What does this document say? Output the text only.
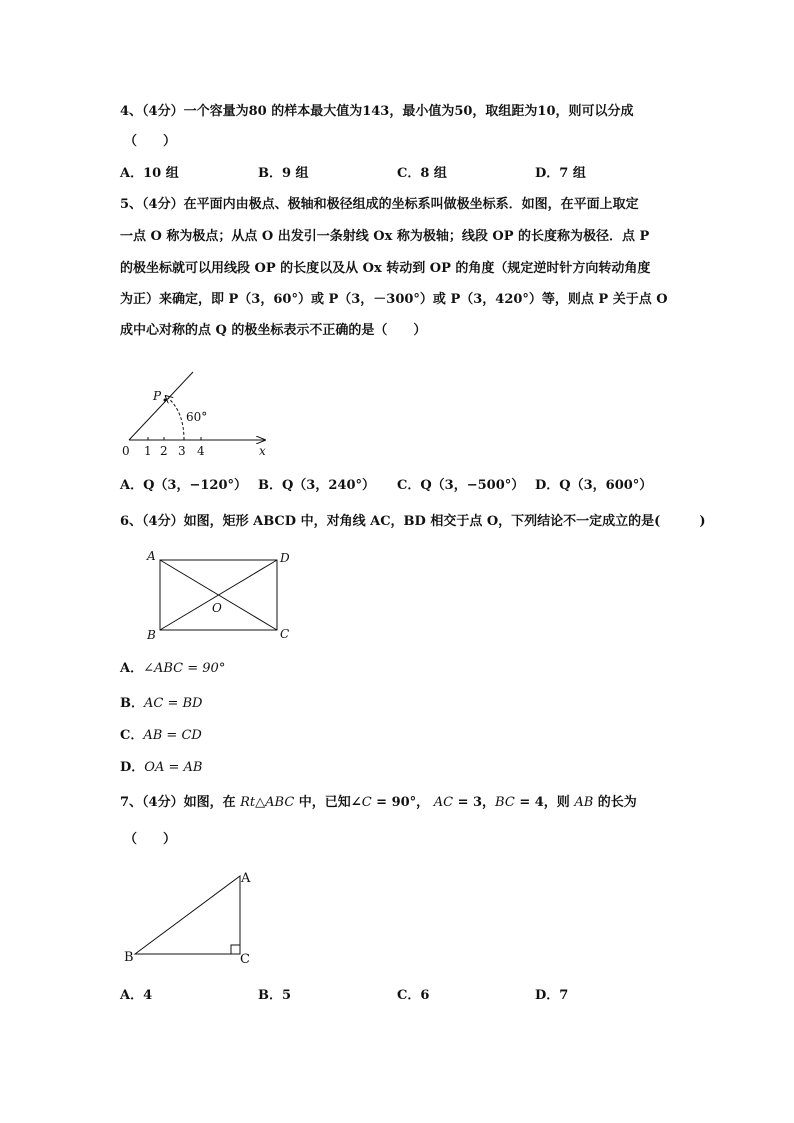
4、（4分）一个容量为80 的样本最大值为143，最小值为50，取组距为10，则可以分成
（　　）
A．10 组	B．9 组	C．8 组	D．7 组
5、（4分）在平面内由极点、极轴和极径组成的坐标系叫做极坐标系．如图，在平面上取定
一点 O 称为极点；从点 O 出发引一条射线 Ox 称为极轴；线段 OP 的长度称为极径．点 P
的极坐标就可以用线段 OP 的长度以及从 Ox 转动到 OP 的角度（规定逆时针方向转动角度
为正）来确定，即 P（3，60°）或 P（3，－300°）或 P（3，420°）等，则点 P 关于点 O
成中心对称的点 Q 的极坐标表示不正确的是（　　）
P
60°
0 1 2 3 4	x
A．Q（3，−120°） B．Q（3，240°） C．Q（3，−500°） D．Q（3，600°）
6、（4分）如图，矩形 ABCD 中，对角线 AC，BD 相交于点 O，下列结论不一定成立的是(　　　)
A	D
B	C
O
A．∠ABC = 90°
B．AC = BD
C．AB = CD
D．OA = AB
7、（4分）如图，在 Rt△ABC 中，已知∠C = 90°， AC = 3，BC = 4，则 AB 的长为
（　　）
A
B	C
A．4	B．5	C．6	D．7
